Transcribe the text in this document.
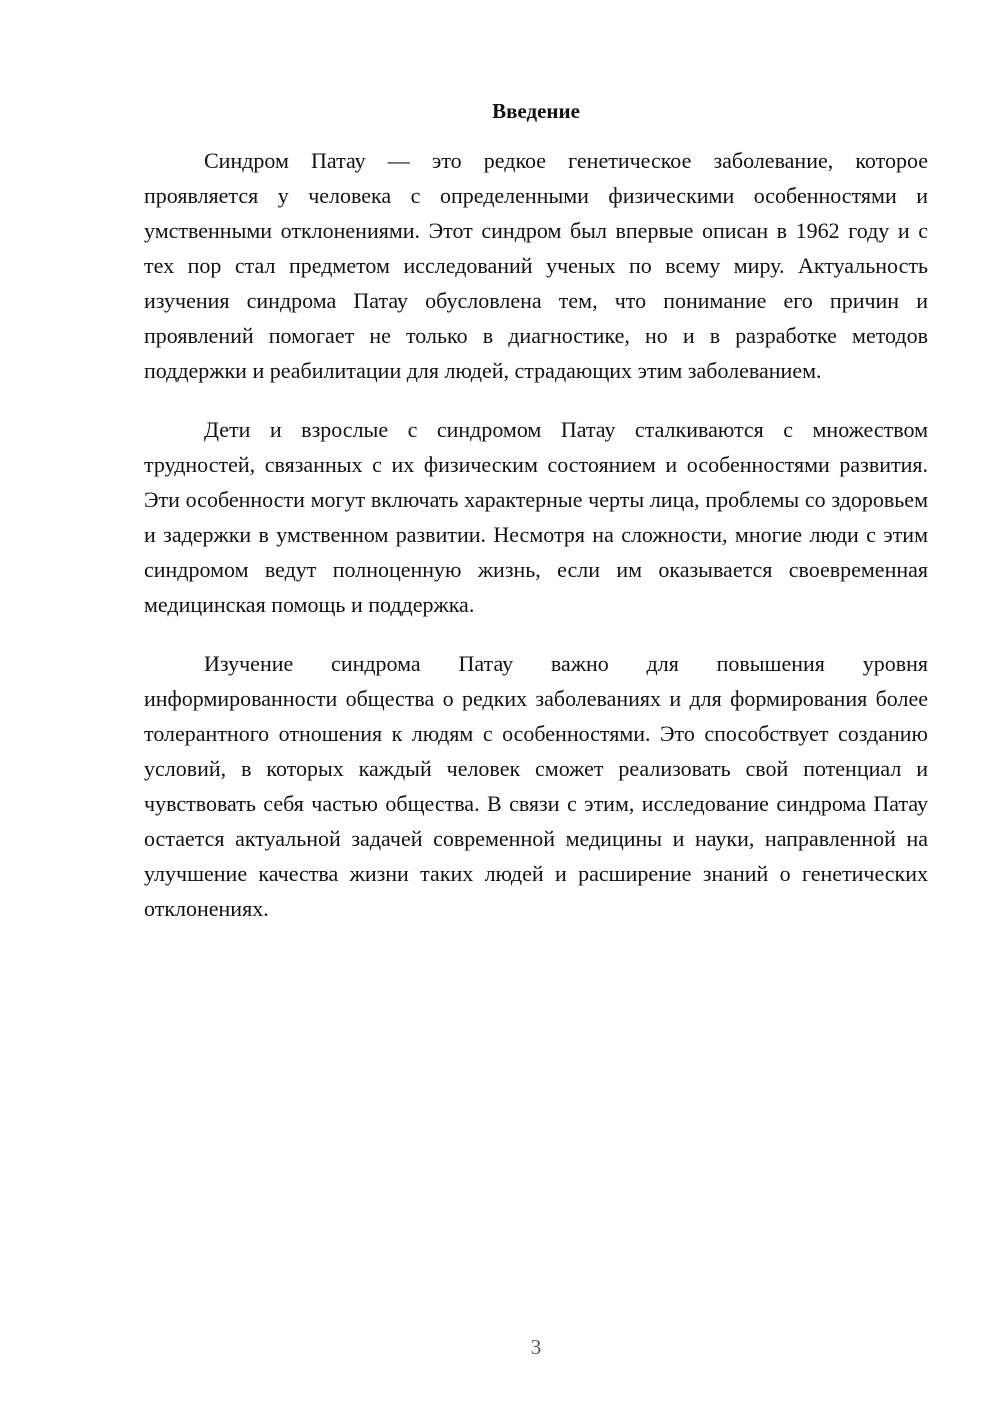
Введение

Синдром Патау — это редкое генетическое заболевание, которое проявляется у человека с определенными физическими особенностями и умственными отклонениями. Этот синдром был впервые описан в 1962 году и с тех пор стал предметом исследований ученых по всему миру. Актуальность изучения синдрома Патау обусловлена тем, что понимание его причин и проявлений помогает не только в диагностике, но и в разработке методов поддержки и реабилитации для людей, страдающих этим заболеванием.

Дети и взрослые с синдромом Патау сталкиваются с множеством трудностей, связанных с их физическим состоянием и особенностями развития. Эти особенности могут включать характерные черты лица, проблемы со здоровьем и задержки в умственном развитии. Несмотря на сложности, многие люди с этим синдромом ведут полноценную жизнь, если им оказывается своевременная медицинская помощь и поддержка.

Изучение синдрома Патау важно для повышения уровня информированности общества о редких заболеваниях и для формирования более толерантного отношения к людям с особенностями. Это способствует созданию условий, в которых каждый человек сможет реализовать свой потенциал и чувствовать себя частью общества. В связи с этим, исследование синдрома Патау остается актуальной задачей современной медицины и науки, направленной на улучшение качества жизни таких людей и расширение знаний о генетических отклонениях.

3
